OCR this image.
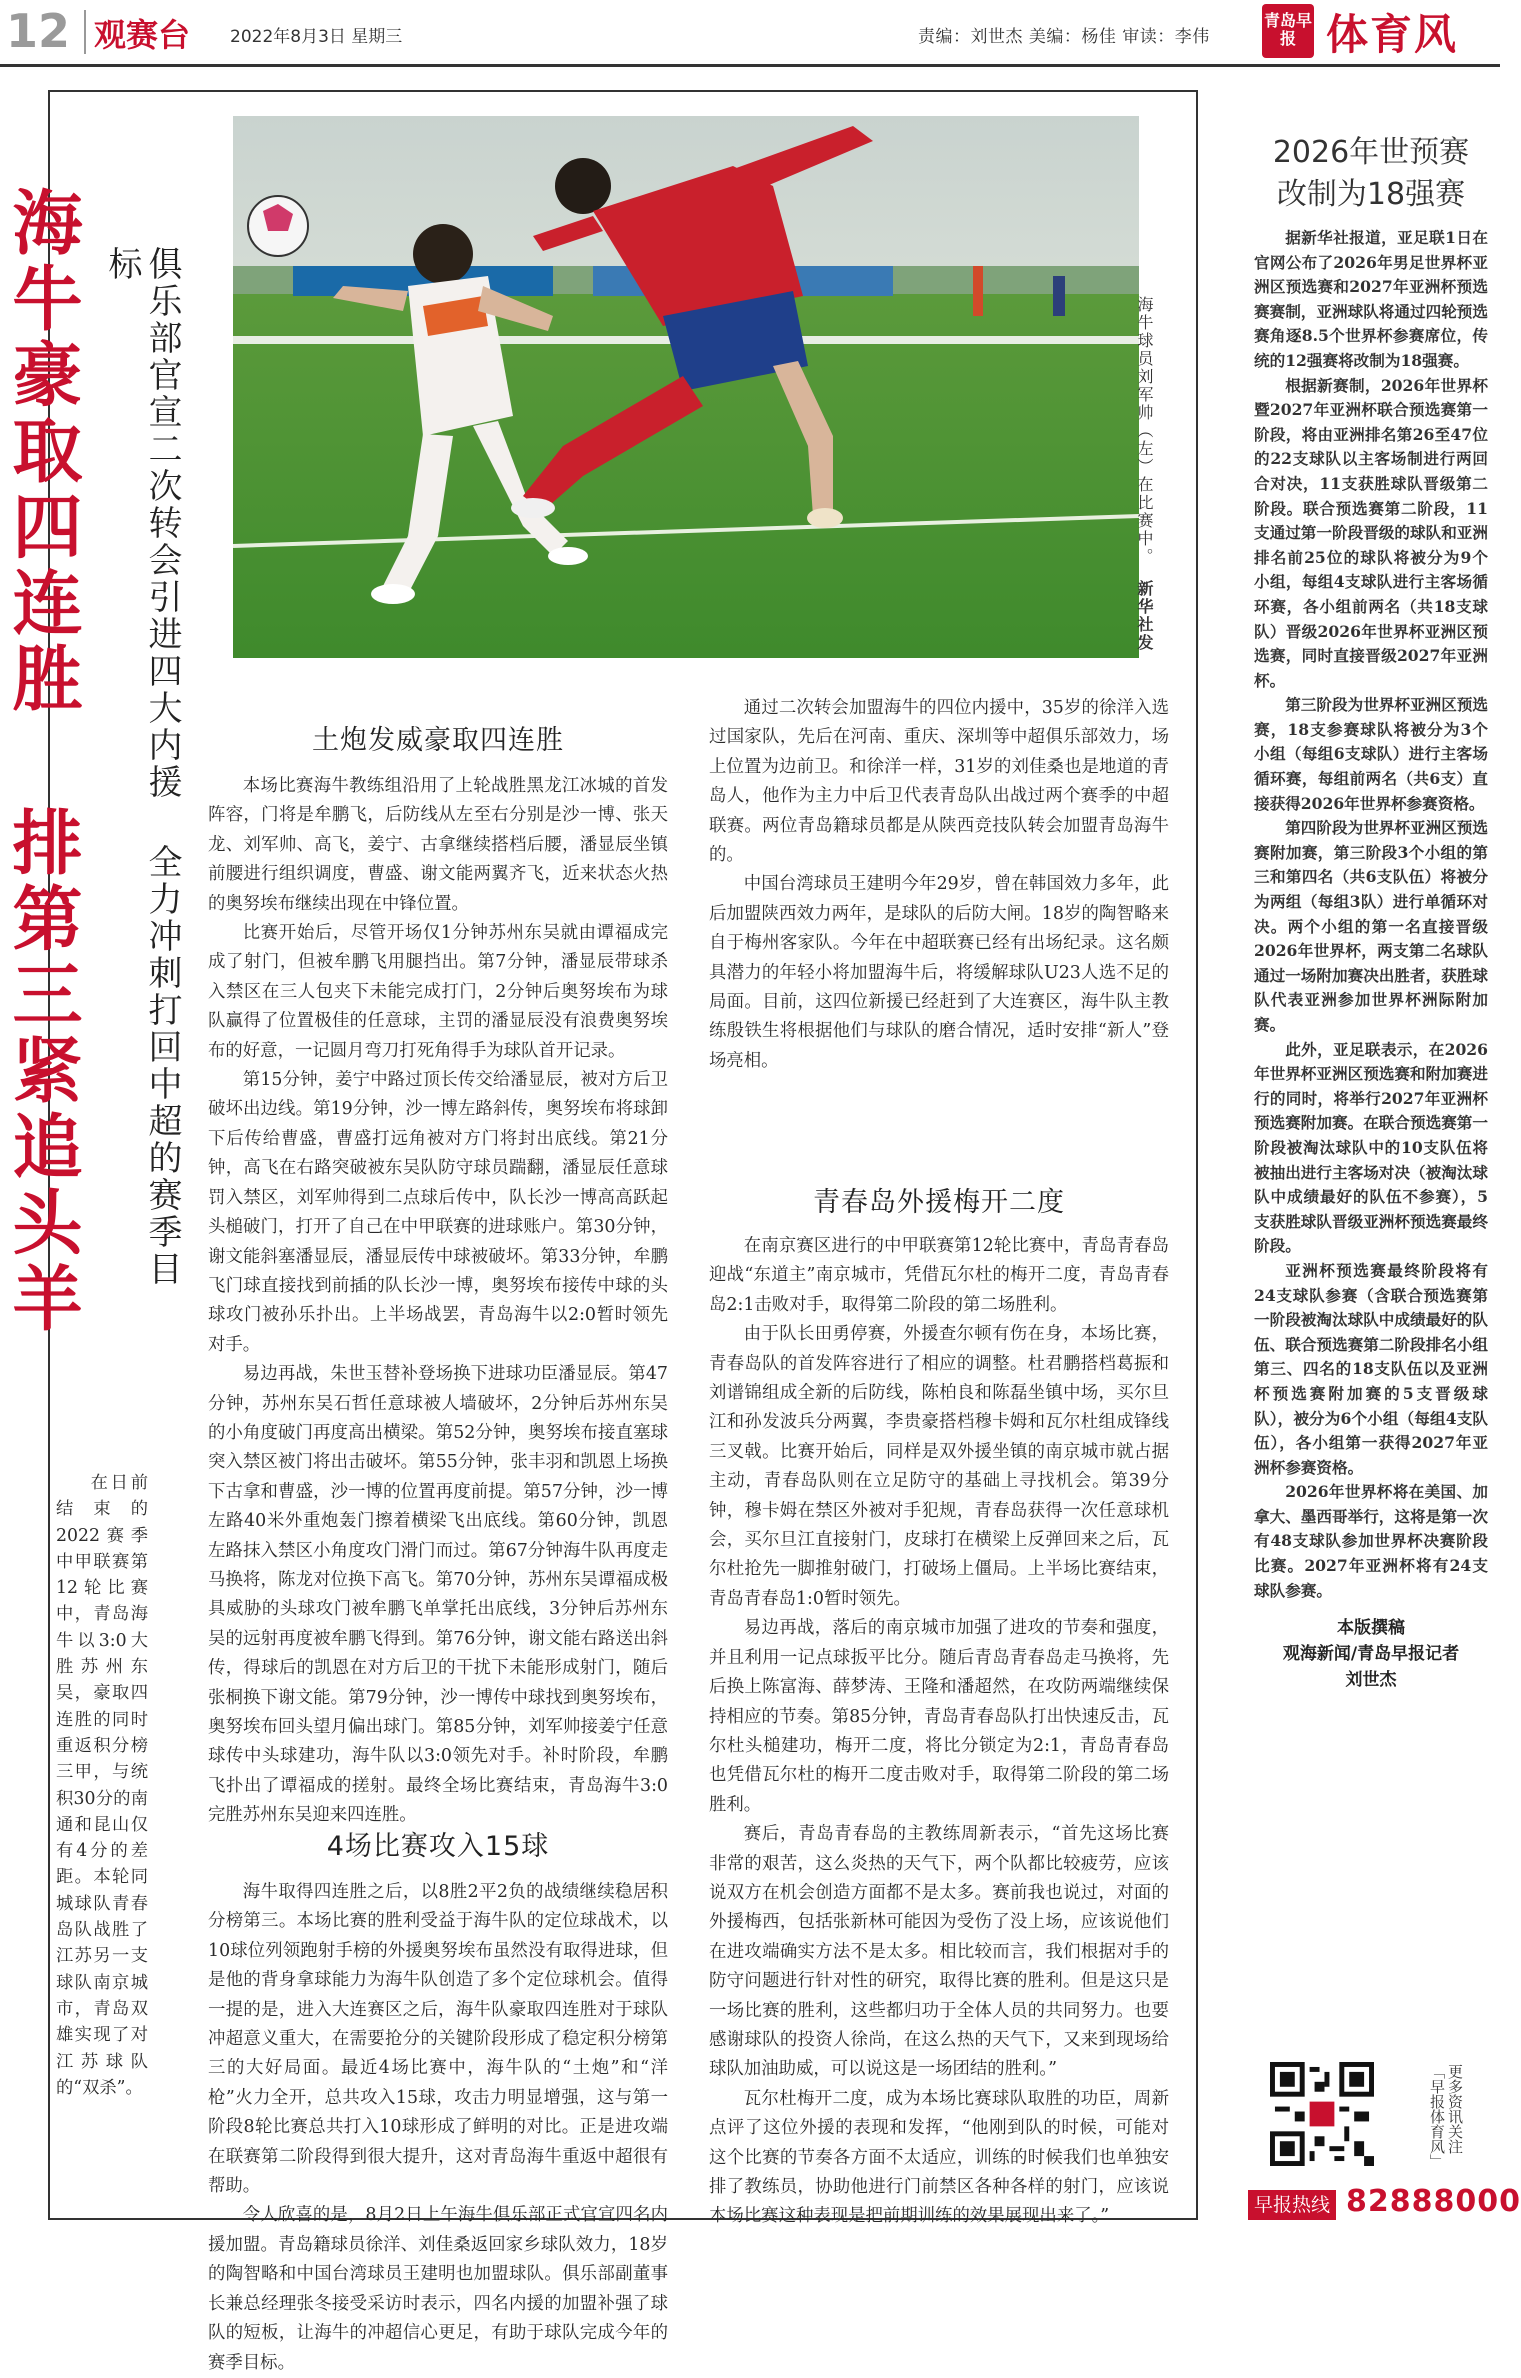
12 观赛台 2022年8月3日 星期三	责编：刘世杰 美编：杨佳 审读：李伟
青岛早报 体育风
海牛豪取四连胜 排第三紧追头羊	俱乐部官宣二次转会引进四大内援 全力冲刺打回中超的赛季目标
海牛球员刘军帅（左）在比赛中。新华社发

在日前结束的2022赛季中甲联赛第12轮比赛中，青岛海牛以3:0大胜苏州东吴，豪取四连胜的同时重返积分榜三甲，与统积30分的南通和昆山仅有4分的差距。本轮同城球队青春岛队战胜了江苏另一支球队南京城市，青岛双雄实现了对江苏球队的“双杀”。

土炮发威豪取四连胜

本场比赛海牛教练组沿用了上轮战胜黑龙江冰城的首发阵容，门将是牟鹏飞，后防线从左至右分别是沙一博、张天龙、刘军帅、高飞，姜宁、古拿继续搭档后腰，潘显辰坐镇前腰进行组织调度，曹盛、谢文能两翼齐飞，近来状态火热的奥努埃布继续出现在中锋位置。

比赛开始后，尽管开场仅1分钟苏州东吴就由谭福成完成了射门，但被牟鹏飞用腿挡出。第7分钟，潘显辰带球杀入禁区在三人包夹下未能完成打门，2分钟后奥努埃布为球队赢得了位置极佳的任意球，主罚的潘显辰没有浪费奥努埃布的好意，一记圆月弯刀打死角得手为球队首开记录。

第15分钟，姜宁中路过顶长传交给潘显辰，被对方后卫破坏出边线。第19分钟，沙一博左路斜传，奥努埃布将球卸下后传给曹盛，曹盛打远角被对方门将封出底线。第21分钟，高飞在右路突破被东吴队防守球员踹翻，潘显辰任意球罚入禁区，刘军帅得到二点球后传中，队长沙一博高高跃起头槌破门，打开了自己在中甲联赛的进球账户。第30分钟，谢文能斜塞潘显辰，潘显辰传中球被破坏。第33分钟，牟鹏飞门球直接找到前插的队长沙一博，奥努埃布接传中球的头球攻门被孙乐扑出。上半场战罢，青岛海牛以2:0暂时领先对手。

易边再战，朱世玉替补登场换下进球功臣潘显辰。第47分钟，苏州东吴石哲任意球被人墙破坏，2分钟后苏州东吴的小角度破门再度高出横梁。第52分钟，奥努埃布接直塞球突入禁区被门将出击破坏。第55分钟，张丰羽和凯恩上场换下古拿和曹盛，沙一博的位置再度前提。第57分钟，沙一博左路40米外重炮轰门擦着横梁飞出底线。第60分钟，凯恩左路抹入禁区小角度攻门滑门而过。第67分钟海牛队再度走马换将，陈龙对位换下高飞。第70分钟，苏州东吴谭福成极具威胁的头球攻门被牟鹏飞单掌托出底线，3分钟后苏州东吴的远射再度被牟鹏飞得到。第76分钟，谢文能右路送出斜传，得球后的凯恩在对方后卫的干扰下未能形成射门，随后张桐换下谢文能。第79分钟，沙一博传中球找到奥努埃布，奥努埃布回头望月偏出球门。第85分钟，刘军帅接姜宁任意球传中头球建功，海牛队以3:0领先对手。补时阶段，牟鹏飞扑出了谭福成的搓射。最终全场比赛结束，青岛海牛3:0完胜苏州东吴迎来四连胜。

4场比赛攻入15球

海牛取得四连胜之后，以8胜2平2负的战绩继续稳居积分榜第三。本场比赛的胜利受益于海牛队的定位球战术，以10球位列领跑射手榜的外援奥努埃布虽然没有取得进球，但是他的背身拿球能力为海牛队创造了多个定位球机会。值得一提的是，进入大连赛区之后，海牛队豪取四连胜对于球队冲超意义重大，在需要抢分的关键阶段形成了稳定积分榜第三的大好局面。最近4场比赛中，海牛队的“土炮”和“洋枪”火力全开，总共攻入15球，攻击力明显增强，这与第一阶段8轮比赛总共打入10球形成了鲜明的对比。正是进攻端在联赛第二阶段得到很大提升，这对青岛海牛重返中超很有帮助。

令人欣喜的是，8月2日上午海牛俱乐部正式官宣四名内援加盟。青岛籍球员徐洋、刘佳桑返回家乡球队效力，18岁的陶智略和中国台湾球员王建明也加盟球队。俱乐部副董事长兼总经理张冬接受采访时表示，四名内援的加盟补强了球队的短板，让海牛的冲超信心更足，有助于球队完成今年的赛季目标。

通过二次转会加盟海牛的四位内援中，35岁的徐洋入选过国家队，先后在河南、重庆、深圳等中超俱乐部效力，场上位置为边前卫。和徐洋一样，31岁的刘佳桑也是地道的青岛人，他作为主力中后卫代表青岛队出战过两个赛季的中超联赛。两位青岛籍球员都是从陕西竞技队转会加盟青岛海牛的。

中国台湾球员王建明今年29岁，曾在韩国效力多年，此后加盟陕西效力两年，是球队的后防大闸。18岁的陶智略来自于梅州客家队。今年在中超联赛已经有出场纪录。这名颇具潜力的年轻小将加盟海牛后，将缓解球队U23人选不足的局面。目前，这四位新援已经赶到了大连赛区，海牛队主教练殷铁生将根据他们与球队的磨合情况，适时安排“新人”登场亮相。

青春岛外援梅开二度

在南京赛区进行的中甲联赛第12轮比赛中，青岛青春岛迎战“东道主”南京城市，凭借瓦尔杜的梅开二度，青岛青春岛2:1击败对手，取得第二阶段的第二场胜利。

由于队长田勇停赛，外援查尔顿有伤在身，本场比赛，青春岛队的首发阵容进行了相应的调整。杜君鹏搭档葛振和刘谱锦组成全新的后防线，陈柏良和陈磊坐镇中场，买尔旦江和孙发波兵分两翼，李贵豪搭档穆卡姆和瓦尔杜组成锋线三叉戟。比赛开始后，同样是双外援坐镇的南京城市就占据主动，青春岛队则在立足防守的基础上寻找机会。第39分钟，穆卡姆在禁区外被对手犯规，青春岛获得一次任意球机会，买尔旦江直接射门，皮球打在横梁上反弹回来之后，瓦尔杜抢先一脚推射破门，打破场上僵局。上半场比赛结束，青岛青春岛1:0暂时领先。

易边再战，落后的南京城市加强了进攻的节奏和强度，并且利用一记点球扳平比分。随后青岛青春岛走马换将，先后换上陈富海、薛梦涛、王隆和潘超然，在攻防两端继续保持相应的节奏。第85分钟，青岛青春岛队打出快速反击，瓦尔杜头槌建功，梅开二度，将比分锁定为2:1，青岛青春岛也凭借瓦尔杜的梅开二度击败对手，取得第二阶段的第二场胜利。

赛后，青岛青春岛的主教练周新表示，“首先这场比赛非常的艰苦，这么炎热的天气下，两个队都比较疲劳，应该说双方在机会创造方面都不是太多。赛前我也说过，对面的外援梅西，包括张新林可能因为受伤了没上场，应该说他们在进攻端确实方法不是太多。相比较而言，我们根据对手的防守问题进行针对性的研究，取得比赛的胜利。但是这只是一场比赛的胜利，这些都归功于全体人员的共同努力。也要感谢球队的投资人徐尚，在这么热的天气下，又来到现场给球队加油助威，可以说这是一场团结的胜利。”

瓦尔杜梅开二度，成为本场比赛球队取胜的功臣，周新点评了这位外援的表现和发挥，“他刚到队的时候，可能对这个比赛的节奏各方面不太适应，训练的时候我们也单独安排了教练员，协助他进行门前禁区各种各样的射门，应该说本场比赛这种表现是把前期训练的效果展现出来了。”

2026年世预赛
改制为18强赛

据新华社报道，亚足联1日在官网公布了2026年男足世界杯亚洲区预选赛和2027年亚洲杯预选赛赛制，亚洲球队将通过四轮预选赛角逐8.5个世界杯参赛席位，传统的12强赛将改制为18强赛。

根据新赛制，2026年世界杯暨2027年亚洲杯联合预选赛第一阶段，将由亚洲排名第26至47位的22支球队以主客场制进行两回合对决，11支获胜球队晋级第二阶段。联合预选赛第二阶段，11支通过第一阶段晋级的球队和亚洲排名前25位的球队将被分为9个小组，每组4支球队进行主客场循环赛，各小组前两名（共18支球队）晋级2026年世界杯亚洲区预选赛，同时直接晋级2027年亚洲杯。

第三阶段为世界杯亚洲区预选赛，18支参赛球队将被分为3个小组（每组6支球队）进行主客场循环赛，每组前两名（共6支）直接获得2026年世界杯参赛资格。

第四阶段为世界杯亚洲区预选赛附加赛，第三阶段3个小组的第三和第四名（共6支队伍）将被分为两组（每组3队）进行单循环对决。两个小组的第一名直接晋级2026年世界杯，两支第二名球队通过一场附加赛决出胜者，获胜球队代表亚洲参加世界杯洲际附加赛。

此外，亚足联表示，在2026年世界杯亚洲区预选赛和附加赛进行的同时，将举行2027年亚洲杯预选赛附加赛。在联合预选赛第一阶段被淘汰球队中的10支队伍将被抽出进行主客场对决（被淘汰球队中成绩最好的队伍不参赛），5支获胜球队晋级亚洲杯预选赛最终阶段。

亚洲杯预选赛最终阶段将有24支球队参赛（含联合预选赛第一阶段被淘汰球队中成绩最好的队伍、联合预选赛第二阶段排名小组第三、四名的18支队伍以及亚洲杯预选赛附加赛的5支晋级球队），被分为6个小组（每组4支队伍），各小组第一获得2027年亚洲杯参赛资格。

2026年世界杯将在美国、加拿大、墨西哥举行，这将是第一次有48支球队参加世界杯决赛阶段比赛。2027年亚洲杯将有24支球队参赛。

本版撰稿
观海新闻/青岛早报记者
刘世杰
更多资讯关注「早报体育风」
早报热线 82888000
